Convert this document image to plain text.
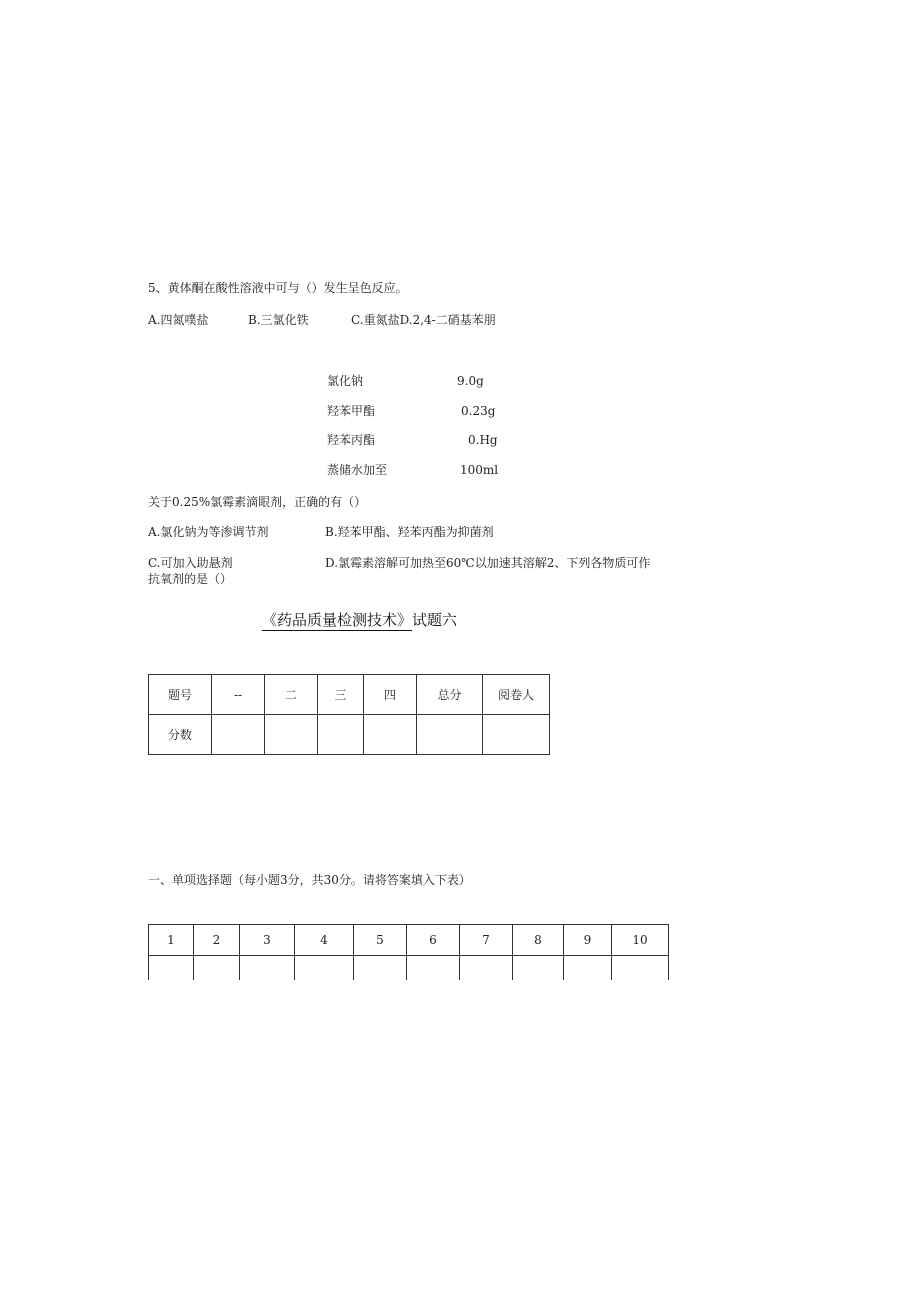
5、黄体酮在酸性溶液中可与（）发生呈色反应。
A.四氮噗盐	B.三氯化铁	C.重氮盐D.2,4-二硝基苯朋
氯化钠	9.0g
羟苯甲酯	0.23g
羟苯丙酯	0.Hg
蒸储水加至	100ml
关于0.25%氯霉素滴眼剂，正确的有（）
A.氯化钠为等渗调节剂	B.羟苯甲酯、羟苯丙酯为抑菌剂
C.可加入助悬剂	D.氯霉素溶解可加热至60℃以加速其溶解2、下列各物质可作
抗氧剂的是（）
《药品质量检测技术》试题六
题号	--	二	三	四	总分	阅卷人
分数						
一、单项选择题（每小题3分，共30分。请将答案填入下表）
1	2	3	4	5	6	7	8	9	10
